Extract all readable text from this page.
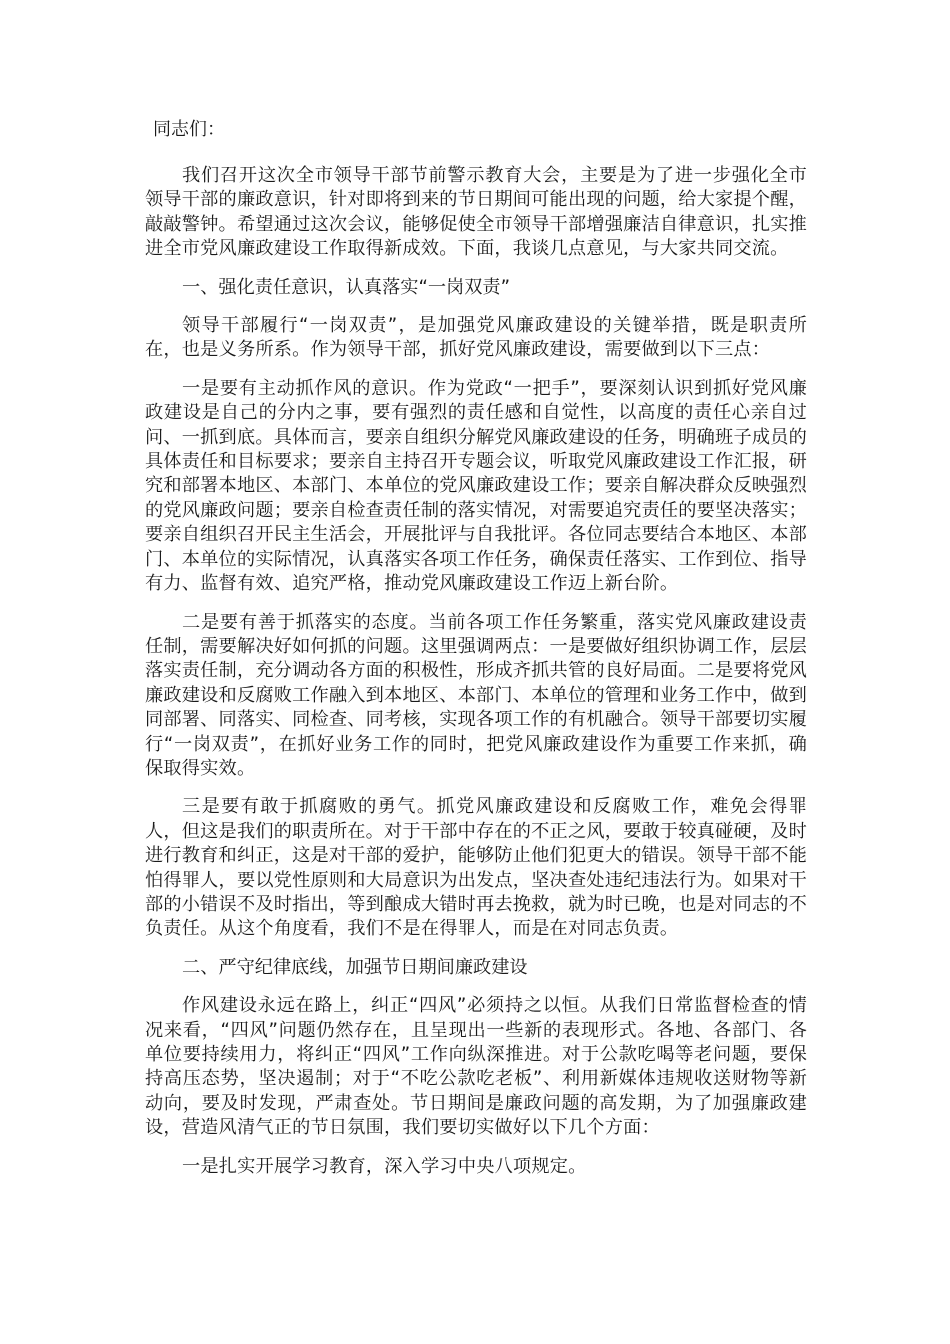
同志们：

我们召开这次全市领导干部节前警示教育大会，主要是为了进一步强化全市领导干部的廉政意识，针对即将到来的节日期间可能出现的问题，给大家提个醒，敲敲警钟。希望通过这次会议，能够促使全市领导干部增强廉洁自律意识，扎实推进全市党风廉政建设工作取得新成效。下面，我谈几点意见，与大家共同交流。

一、强化责任意识，认真落实“一岗双责”

领导干部履行“一岗双责”，是加强党风廉政建设的关键举措，既是职责所在，也是义务所系。作为领导干部，抓好党风廉政建设，需要做到以下三点：

一是要有主动抓作风的意识。作为党政“一把手”，要深刻认识到抓好党风廉政建设是自己的分内之事，要有强烈的责任感和自觉性，以高度的责任心亲自过问、一抓到底。具体而言，要亲自组织分解党风廉政建设的任务，明确班子成员的具体责任和目标要求；要亲自主持召开专题会议，听取党风廉政建设工作汇报，研究和部署本地区、本部门、本单位的党风廉政建设工作；要亲自解决群众反映强烈的党风廉政问题；要亲自检查责任制的落实情况，对需要追究责任的要坚决落实；要亲自组织召开民主生活会，开展批评与自我批评。各位同志要结合本地区、本部门、本单位的实际情况，认真落实各项工作任务，确保责任落实、工作到位、指导有力、监督有效、追究严格，推动党风廉政建设工作迈上新台阶。

二是要有善于抓落实的态度。当前各项工作任务繁重，落实党风廉政建设责任制，需要解决好如何抓的问题。这里强调两点：一是要做好组织协调工作，层层落实责任制，充分调动各方面的积极性，形成齐抓共管的良好局面。二是要将党风廉政建设和反腐败工作融入到本地区、本部门、本单位的管理和业务工作中，做到同部署、同落实、同检查、同考核，实现各项工作的有机融合。领导干部要切实履行“一岗双责”，在抓好业务工作的同时，把党风廉政建设作为重要工作来抓，确保取得实效。

三是要有敢于抓腐败的勇气。抓党风廉政建设和反腐败工作，难免会得罪人，但这是我们的职责所在。对于干部中存在的不正之风，要敢于较真碰硬，及时进行教育和纠正，这是对干部的爱护，能够防止他们犯更大的错误。领导干部不能怕得罪人，要以党性原则和大局意识为出发点，坚决查处违纪违法行为。如果对干部的小错误不及时指出，等到酿成大错时再去挽救，就为时已晚，也是对同志的不负责任。从这个角度看，我们不是在得罪人，而是在对同志负责。

二、严守纪律底线，加强节日期间廉政建设

作风建设永远在路上，纠正“四风”必须持之以恒。从我们日常监督检查的情况来看，“四风”问题仍然存在，且呈现出一些新的表现形式。各地、各部门、各单位要持续用力，将纠正“四风”工作向纵深推进。对于公款吃喝等老问题，要保持高压态势，坚决遏制；对于“不吃公款吃老板”、利用新媒体违规收送财物等新动向，要及时发现，严肃查处。节日期间是廉政问题的高发期，为了加强廉政建设，营造风清气正的节日氛围，我们要切实做好以下几个方面：

一是扎实开展学习教育，深入学习中央八项规定。
